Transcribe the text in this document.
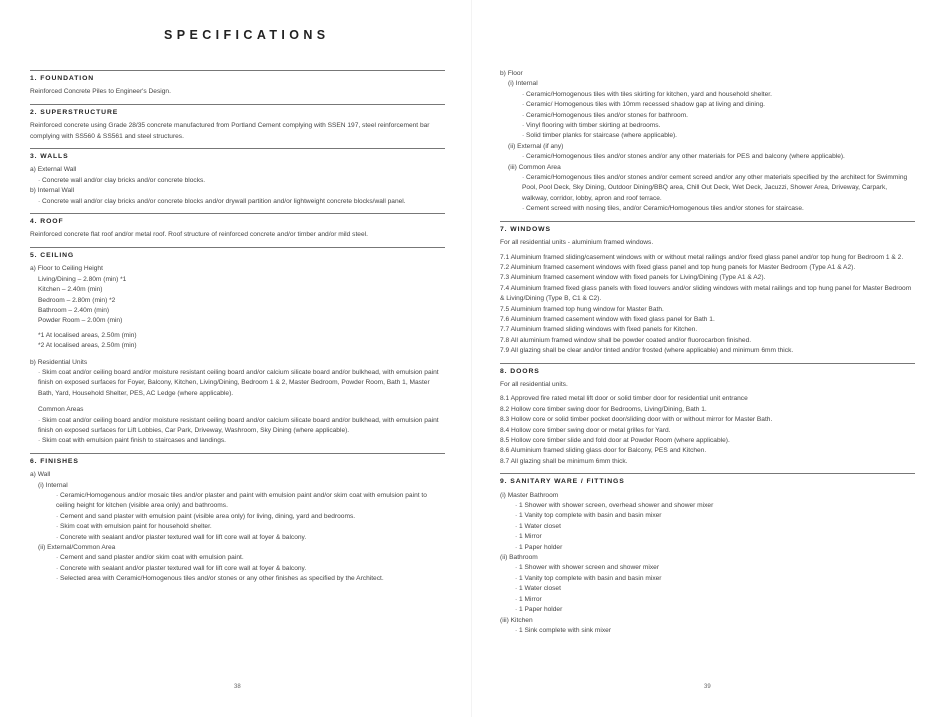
SPECIFICATIONS
1. FOUNDATION
Reinforced Concrete Piles to Engineer's Design.
2. SUPERSTRUCTURE
Reinforced concrete using Grade 28/35 concrete manufactured from Portland Cement complying with SSEN 197, steel reinforcement bar complying with SS560 & SS561 and steel structures.
3. WALLS
a) External Wall
· Concrete wall and/or clay bricks and/or concrete blocks.
b) Internal Wall
· Concrete wall and/or clay bricks and/or concrete blocks and/or drywall partition and/or lightweight concrete blocks/wall panel.
4. ROOF
Reinforced concrete flat roof and/or metal roof. Roof structure of reinforced concrete and/or timber and/or mild steel.
5. CEILING
a) Floor to Ceiling Height
Living/Dining – 2.80m (min) *1
Kitchen – 2.40m (min)
Bedroom – 2.80m (min) *2
Bathroom – 2.40m (min)
Powder Room – 2.00m (min)
*1 At localised areas, 2.50m (min)
*2 At localised areas, 2.50m (min)
b) Residential Units
· Skim coat and/or ceiling board and/or moisture resistant ceiling board and/or calcium silicate board and/or bulkhead, with emulsion paint finish on exposed surfaces for Foyer, Balcony, Kitchen, Living/Dining, Bedroom 1 & 2, Master Bedroom, Powder Room, Bath 1, Master Bath, Yard, Household Shelter, PES, AC Ledge (where applicable).
Common Areas
· Skim coat and/or ceiling board and/or moisture resistant ceiling board and/or calcium silicate board and/or bulkhead, with emulsion paint finish on exposed surfaces for Lift Lobbies, Car Park, Driveway, Washroom, Sky Dining (where applicable).
· Skim coat with emulsion paint finish to staircases and landings.
6. FINISHES
a) Wall
(i) Internal
· Ceramic/Homogenous and/or mosaic tiles and/or plaster and paint with emulsion paint and/or skim coat with emulsion paint to ceiling height for kitchen (visible area only) and bathrooms.
· Cement and sand plaster with emulsion paint (visible area only) for living, dining, yard and bedrooms.
· Skim coat with emulsion paint for household shelter.
· Concrete with sealant and/or plaster textured wall for lift core wall at foyer & balcony.
(ii) External/Common Area
· Cement and sand plaster and/or skim coat with emulsion paint.
· Concrete with sealant and/or plaster textured wall for lift core wall at foyer & balcony.
· Selected area with Ceramic/Homogenous tiles and/or stones or any other finishes as specified by the Architect.
38
b) Floor
(i) Internal
· Ceramic/Homogenous tiles with tiles skirting for kitchen, yard and household shelter.
· Ceramic/ Homogenous tiles with 10mm recessed shadow gap at living and dining.
· Ceramic/Homogenous tiles and/or stones for bathroom.
· Vinyl flooring with timber skirting at bedrooms.
· Solid timber planks for staircase (where applicable).
(ii) External (if any)
· Ceramic/Homogenous tiles and/or stones and/or any other materials for PES and balcony (where applicable).
(iii) Common Area
· Ceramic/Homogenous tiles and/or stones and/or cement screed and/or any other materials specified by the architect for Swimming Pool, Pool Deck, Sky Dining, Outdoor Dining/BBQ area, Chill Out Deck, Wet Deck, Jacuzzi, Shower Area, Driveway, Carpark, walkway, corridor, lobby, apron and roof terrace.
· Cement screed with nosing tiles, and/or Ceramic/Homogenous tiles and/or stones for staircase.
7. WINDOWS
For all residential units - aluminium framed windows.
7.1 Aluminium framed sliding/casement windows with or without metal railings and/or fixed glass panel and/or top hung for Bedroom 1 & 2.
7.2 Aluminium framed casement windows with fixed glass panel and top hung panels for Master Bedroom (Type A1 & A2).
7.3 Aluminium framed casement window with fixed panels for Living/Dining (Type A1 & A2).
7.4 Aluminium framed fixed glass panels with fixed louvers and/or sliding windows with metal railings and top hung panel for Master Bedroom & Living/Dining (Type B, C1 & C2).
7.5 Aluminium framed top hung window for Master Bath.
7.6 Aluminium framed casement window with fixed glass panel for Bath 1.
7.7 Aluminium framed sliding windows with fixed panels for Kitchen.
7.8 All aluminium framed window shall be powder coated and/or fluorocarbon finished.
7.9 All glazing shall be clear and/or tinted and/or frosted (where applicable) and minimum 6mm thick.
8. DOORS
For all residential units.
8.1 Approved fire rated metal lift door or solid timber door for residential unit entrance
8.2 Hollow core timber swing door for Bedrooms, Living/Dining, Bath 1.
8.3 Hollow core or solid timber pocket door/sliding door with or without mirror for Master Bath.
8.4 Hollow core timber swing door or metal grilles for Yard.
8.5 Hollow core timber slide and fold door at Powder Room (where applicable).
8.6 Aluminium framed sliding glass door for Balcony, PES and Kitchen.
8.7 All glazing shall be minimum 6mm thick.
9. SANITARY WARE / FITTINGS
(i) Master Bathroom
· 1 Shower with shower screen, overhead shower and shower mixer
· 1 Vanity top complete with basin and basin mixer
· 1 Water closet
· 1 Mirror
· 1 Paper holder
(ii) Bathroom
· 1 Shower with shower screen and shower mixer
· 1 Vanity top complete with basin and basin mixer
· 1 Water closet
· 1 Mirror
· 1 Paper holder
(iii) Kitchen
· 1 Sink complete with sink mixer
39
